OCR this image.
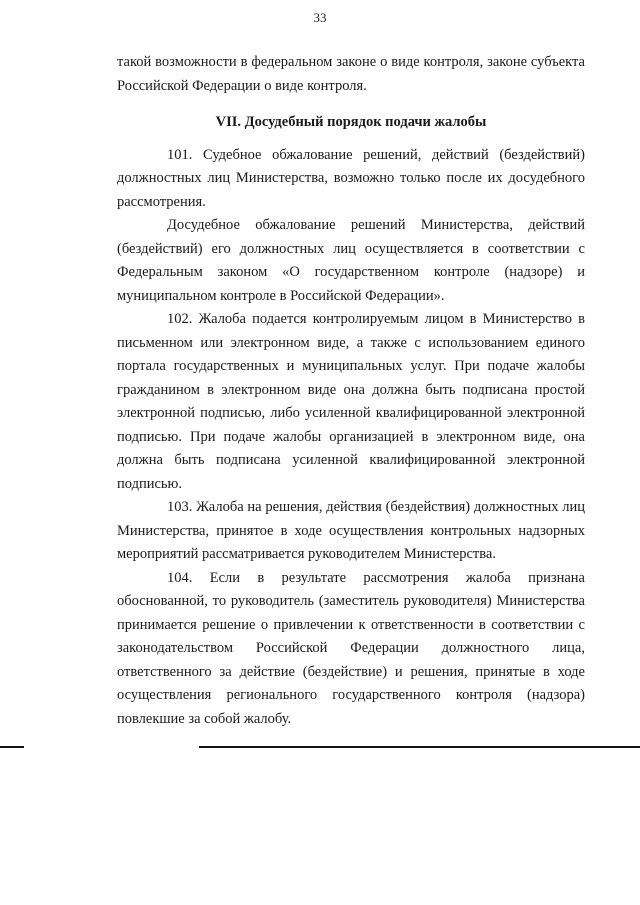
33

такой возможности в федеральном законе о виде контроля, законе субъекта Российской Федерации о виде контроля.

VII. Досудебный порядок подачи жалобы

101. Судебное обжалование решений, действий (бездействий) должностных лиц Министерства, возможно только после их досудебного рассмотрения.

Досудебное обжалование решений Министерства, действий (бездействий) его должностных лиц осуществляется в соответствии с Федеральным законом «О государственном контроле (надзоре) и муниципальном контроле в Российской Федерации».

102. Жалоба подается контролируемым лицом в Министерство в письменном или электронном виде, а также с использованием единого портала государственных и муниципальных услуг. При подаче жалобы гражданином в электронном виде она должна быть подписана простой электронной подписью, либо усиленной квалифицированной электронной подписью. При подаче жалобы организацией в электронном виде, она должна быть подписана усиленной квалифицированной электронной подписью.

103. Жалоба на решения, действия (бездействия) должностных лиц Министерства, принятое в ходе осуществления контрольных надзорных мероприятий рассматривается руководителем Министерства.

104. Если в результате рассмотрения жалоба признана обоснованной, то руководитель (заместитель руководителя) Министерства принимается решение о привлечении к ответственности в соответствии с законодательством Российской Федерации должностного лица, ответственного за действие (бездействие) и решения, принятые в ходе осуществления регионального государственного контроля (надзора) повлекшие за собой жалобу.
